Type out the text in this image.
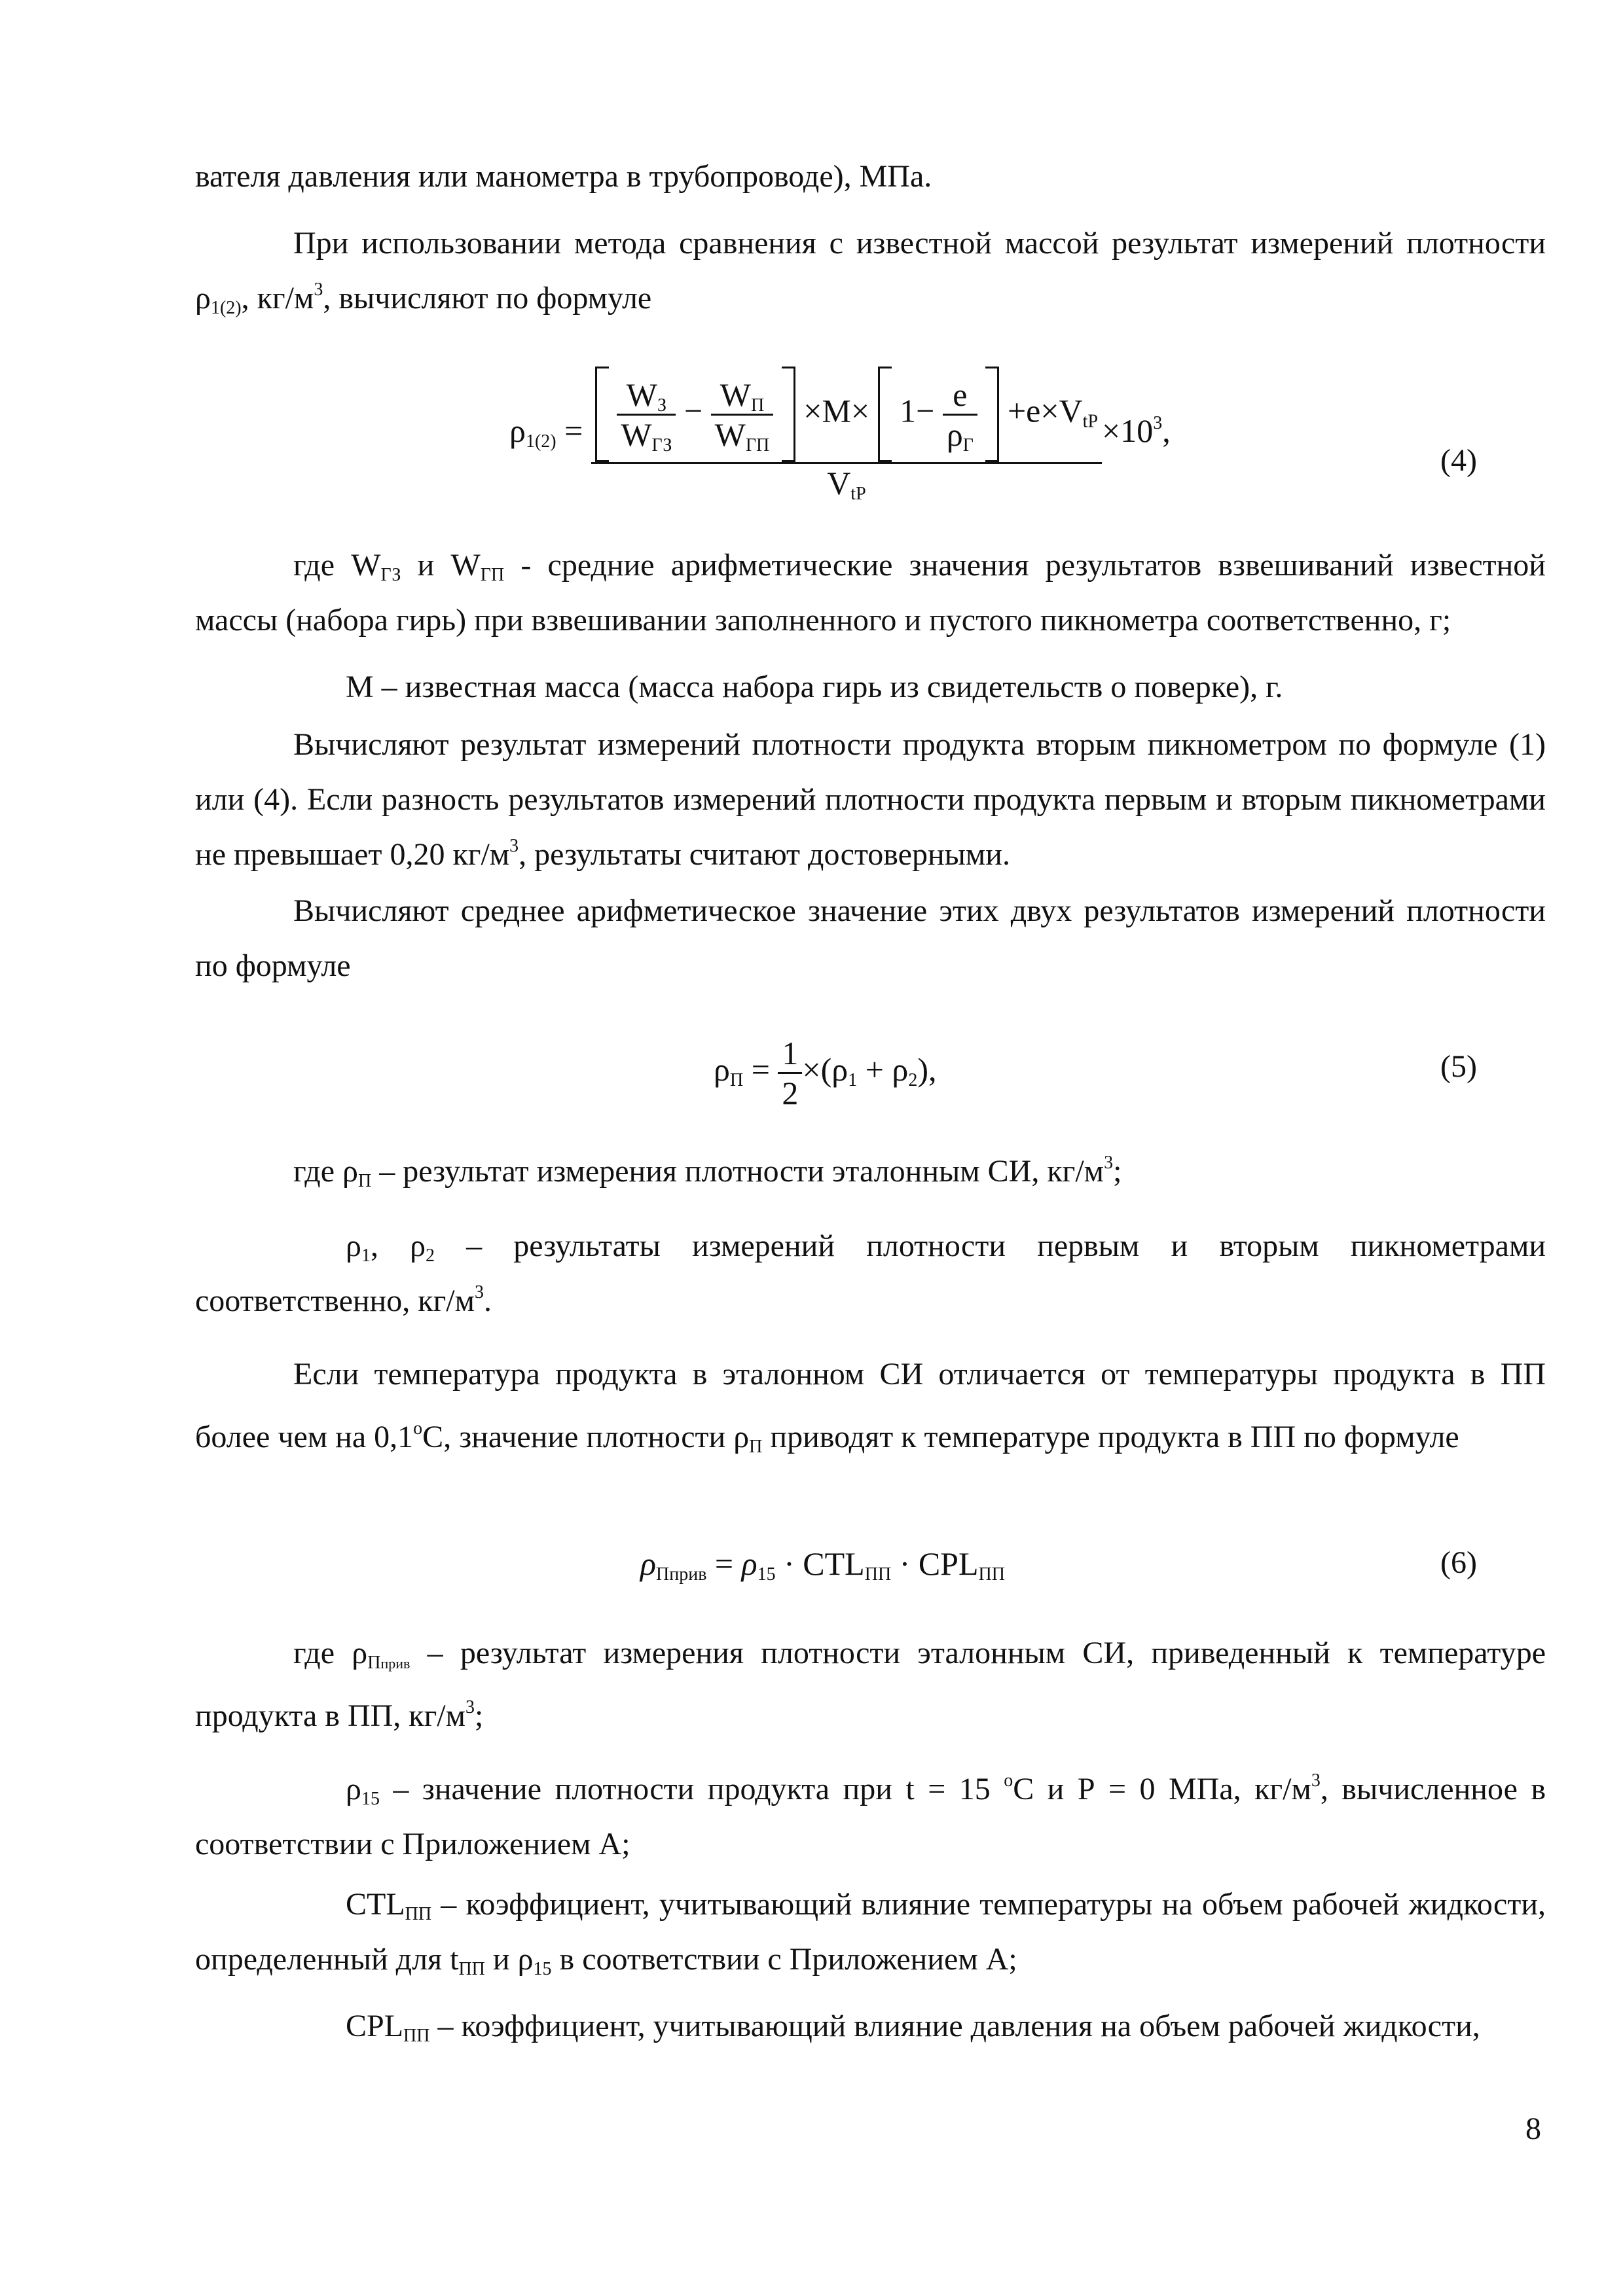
вателя давления или манометра в трубопроводе), МПа.

При использовании метода сравнения с известной массой результат измерений плотности $\rho_{1(2)}$, $кг/м^3$, вычисляют по формуле

$\rho_{1(2)}$ =
$\frac{W_З}{W_{ГЗ}} - \frac{W_П}{W_{ГП}} \times M\times 1- \frac{e}{\rho_Г} +e\times V_{tP}$
$V_{tP}$
$\times 10^3$,
(4)

где $W_{ГЗ}$ и $W_{ГП}$ - средние арифметические значения результатов взвешиваний известной массы (набора гирь) при взвешивании заполненного и пустого пикнометра соответственно, г;

М – известная масса (масса набора гирь из свидетельств о поверке), г.

Вычисляют результат измерений плотности продукта вторым пикнометром по формуле (1) или (4). Если разность результатов измерений плотности продукта первым и вторым пикнометрами не превышает 0,20 $кг/м^3$, результаты считают достоверными.

Вычисляют среднее арифметическое значение этих двух результатов измерений плотности по формуле

$\rho_П = \frac{1}{2} \times(\rho_1 + \rho_2)$,	(5)

где $\rho_П$ – результат измерения плотности эталонным СИ, $кг/м^3$;

$\rho_1$, $\rho_2$ – результаты измерений плотности первым и вторым пикнометрами соответственно, $кг/м^3$.

Если температура продукта в эталонном СИ отличается от температуры продукта в ПП более чем на $0,1^оС$, значение плотности $\rho_П$ приводят к температуре продукта в ПП по формуле

$\rho_{Пприв} = \rho_{15} \cdot CTL_{ПП} \cdot CPL_{ПП}$	(6)

где $\rho_{Пприв}$ – результат измерения плотности эталонным СИ, приведенный к температуре продукта в ПП, $кг/м^3$;

$\rho_{15}$ – значение плотности продукта при t = 15 $^о$С и Р = 0 МПа, $кг/м^3$, вычисленное в соответствии с Приложением А;

$CTL_{ПП}$ – коэффициент, учитывающий влияние температуры на объем рабочей жидкости, определенный для $t_{ПП}$ и $\rho_{15}$ в соответствии с Приложением А;

$CPL_{ПП}$ – коэффициент, учитывающий влияние давления на объем рабочей жидкости,

8
